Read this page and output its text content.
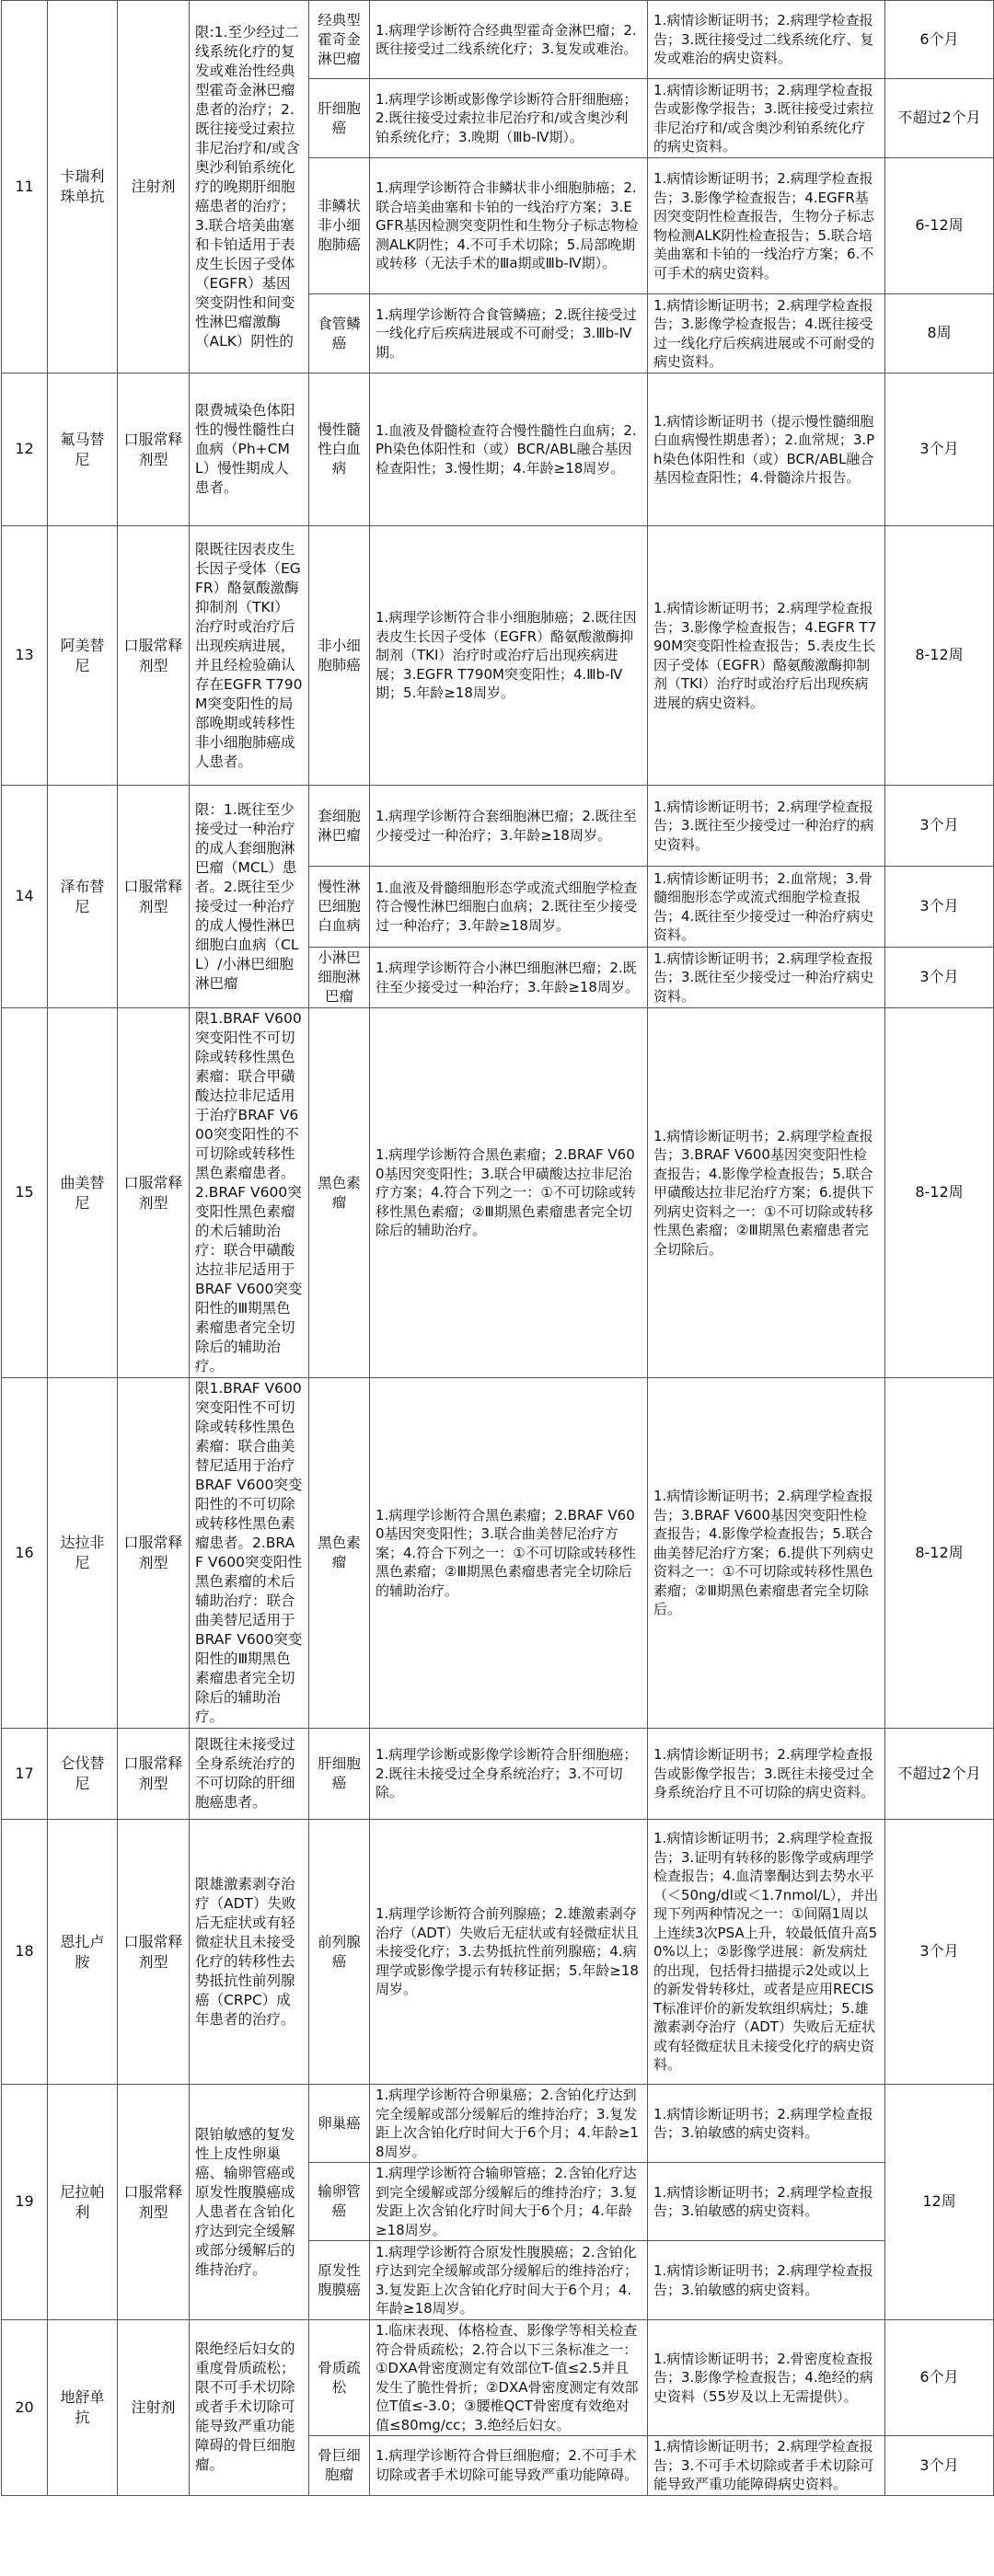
11	卡瑞利珠单抗	注射剂	限:1.至少经过二线系统化疗的复发或难治性经典型霍奇金淋巴瘤患者的治疗；2.既往接受过索拉非尼治疗和/或含奥沙利铂系统化疗的晚期肝细胞癌患者的治疗；3.联合培美曲塞和卡铂适用于表皮生长因子受体（EGFR）基因突变阴性和间变性淋巴瘤激酶（ALK）阴性的	经典型霍奇金淋巴瘤	1.病理学诊断符合经典型霍奇金淋巴瘤；2.既往接受过二线系统化疗；3.复发或难治。	1.病情诊断证明书；2.病理学检查报告；3.既往接受过二线系统化疗、复发或难治的病史资料。	6个月
				肝细胞癌	1.病理学诊断或影像学诊断符合肝细胞癌；2.既往接受过索拉非尼治疗和/或含奥沙利铂系统化疗；3.晚期（Ⅲb-Ⅳ期）。	1.病情诊断证明书；2.病理学检查报告或影像学报告；3.既往接受过索拉非尼治疗和/或含奥沙利铂系统化疗的病史资料。	不超过2个月
				非鳞状非小细胞肺癌	1.病理学诊断符合非鳞状非小细胞肺癌；2.联合培美曲塞和卡铂的一线治疗方案；3.EGFR基因检测突变阴性和生物分子标志物检测ALK阴性；4.不可手术切除；5.局部晚期或转移（无法手术的Ⅲa期或Ⅲb-Ⅳ期）。	1.病情诊断证明书；2.病理学检查报告；3.影像学检查报告；4.EGFR基因突变阴性检查报告，生物分子标志物检测ALK阴性检查报告；5.联合培美曲塞和卡铂的一线治疗方案；6.不可手术的病史资料。	6-12周
				食管鳞癌	1.病理学诊断符合食管鳞癌；2.既往接受过一线化疗后疾病进展或不可耐受；3.Ⅲb-Ⅳ期。	1.病情诊断证明书；2.病理学检查报告；3.影像学检查报告；4.既往接受过一线化疗后疾病进展或不可耐受的病史资料。	8周
12	氟马替尼	口服常释剂型	限费城染色体阳性的慢性髓性白血病（Ph+CML）慢性期成人患者。	慢性髓性白血病	1.血液及骨髓检查符合慢性髓性白血病；2.Ph染色体阳性和（或）BCR/ABL融合基因检查阳性；3.慢性期；4.年龄≥18周岁。	1.病情诊断证明书（提示慢性髓细胞白血病慢性期患者）；2.血常规；3.Ph染色体阳性和（或）BCR/ABL融合基因检查阳性；4.骨髓涂片报告。	3个月
13	阿美替尼	口服常释剂型	限既往因表皮生长因子受体（EGFR）酪氨酸激酶抑制剂（TKI）治疗时或治疗后出现疾病进展，并且经检验确认存在EGFR T790M突变阳性的局部晚期或转移性非小细胞肺癌成人患者。	非小细胞肺癌	1.病理学诊断符合非小细胞肺癌；2.既往因表皮生长因子受体（EGFR）酪氨酸激酶抑制剂（TKI）治疗时或治疗后出现疾病进展；3.EGFR T790M突变阳性；4.Ⅲb-Ⅳ期；5.年龄≥18周岁。	1.病情诊断证明书；2.病理学检查报告；3.影像学检查报告；4.EGFR T790M突变阳性检查报告；5.表皮生长因子受体（EGFR）酪氨酸激酶抑制剂（TKI）治疗时或治疗后出现疾病进展的病史资料。	8-12周
14	泽布替尼	口服常释剂型	限：1.既往至少接受过一种治疗的成人套细胞淋巴瘤（MCL）患者。2.既往至少接受过一种治疗的成人慢性淋巴细胞白血病（CLL）/小淋巴细胞淋巴瘤	套细胞淋巴瘤	1.病理学诊断符合套细胞淋巴瘤；2.既往至少接受过一种治疗；3.年龄≥18周岁。	1.病情诊断证明书；2.病理学检查报告；3.既往至少接受过一种治疗的病史资料。	3个月
				慢性淋巴细胞白血病	1.血液及骨髓细胞形态学或流式细胞学检查符合慢性淋巴细胞白血病；2.既往至少接受过一种治疗；3.年龄≥18周岁。	1.病情诊断证明书；2.血常规；3.骨髓细胞形态学或流式细胞学检查报告；4.既往至少接受过一种治疗病史资料。	3个月
				小淋巴细胞淋巴瘤	1.病理学诊断符合小淋巴细胞淋巴瘤；2.既往至少接受过一种治疗；3.年龄≥18周岁。	1.病情诊断证明书；2.病理学检查报告；3.既往至少接受过一种治疗病史资料。	3个月
15	曲美替尼	口服常释剂型	限1.BRAF V600突变阳性不可切除或转移性黑色素瘤：联合甲磺酸达拉非尼适用于治疗BRAF V600突变阳性的不可切除或转移性黑色素瘤患者。2.BRAF V600突变阳性黑色素瘤的术后辅助治疗：联合甲磺酸达拉非尼适用于BRAF V600突变阳性的Ⅲ期黑色素瘤患者完全切除后的辅助治疗。	黑色素瘤	1.病理学诊断符合黑色素瘤；2.BRAF V600基因突变阳性；3.联合甲磺酸达拉非尼治疗方案；4.符合下列之一：①不可切除或转移性黑色素瘤；②Ⅲ期黑色素瘤患者完全切除后的辅助治疗。	1.病情诊断证明书；2.病理学检查报告；3.BRAF V600基因突变阳性检查报告；4.影像学检查报告；5.联合甲磺酸达拉非尼治疗方案；6.提供下列病史资料之一：①不可切除或转移性黑色素瘤；②Ⅲ期黑色素瘤患者完全切除后。	8-12周
16	达拉非尼	口服常释剂型	限1.BRAF V600突变阳性不可切除或转移性黑色素瘤：联合曲美替尼适用于治疗BRAF V600突变阳性的不可切除或转移性黑色素瘤患者。2.BRAF V600突变阳性黑色素瘤的术后辅助治疗：联合曲美替尼适用于BRAF V600突变阳性的Ⅲ期黑色素瘤患者完全切除后的辅助治疗。	黑色素瘤	1.病理学诊断符合黑色素瘤；2.BRAF V600基因突变阳性；3.联合曲美替尼治疗方案；4.符合下列之一：①不可切除或转移性黑色素瘤；②Ⅲ期黑色素瘤患者完全切除后的辅助治疗。	1.病情诊断证明书；2.病理学检查报告；3.BRAF V600基因突变阳性检查报告；4.影像学检查报告；5.联合曲美替尼治疗方案；6.提供下列病史资料之一：①不可切除或转移性黑色素瘤；②Ⅲ期黑色素瘤患者完全切除后。	8-12周
17	仑伐替尼	口服常释剂型	限既往未接受过全身系统治疗的不可切除的肝细胞癌患者。	肝细胞癌	1.病理学诊断或影像学诊断符合肝细胞癌；2.既往未接受过全身系统治疗；3.不可切除。	1.病情诊断证明书；2.病理学检查报告或影像学报告；3.既往未接受过全身系统治疗且不可切除的病史资料。	不超过2个月
18	恩扎卢胺	口服常释剂型	限雄激素剥夺治疗（ADT）失败后无症状或有轻微症状且未接受化疗的转移性去势抵抗性前列腺癌（CRPC）成年患者的治疗。	前列腺癌	1.病理学诊断符合前列腺癌；2.雄激素剥夺治疗（ADT）失败后无症状或有轻微症状且未接受化疗；3.去势抵抗性前列腺癌；4.病理学或影像学提示有转移证据；5.年龄≥18周岁。	1.病情诊断证明书；2.病理学检查报告；3.证明有转移的影像学或病理学检查报告；4.血清睾酮达到去势水平（＜50ng/dl或＜1.7nmol/L），并出现下列两种情况之一：①间隔1周以上连续3次PSA上升，较最低值升高50%以上；②影像学进展：新发病灶的出现，包括骨扫描提示2处或以上的新发骨转移灶，或者是应用RECIST标准评价的新发软组织病灶；5.雄激素剥夺治疗（ADT）失败后无症状或有轻微症状且未接受化疗的病史资料。	3个月
19	尼拉帕利	口服常释剂型	限铂敏感的复发性上皮性卵巢癌、输卵管癌或原发性腹膜癌成人患者在含铂化疗达到完全缓解或部分缓解后的维持治疗。	卵巢癌	1.病理学诊断符合卵巢癌；2.含铂化疗达到完全缓解或部分缓解后的维持治疗；3.复发距上次含铂化疗时间大于6个月；4.年龄≥18周岁。	1.病情诊断证明书；2.病理学检查报告；3.铂敏感的病史资料。	12周
				输卵管癌	1.病理学诊断符合输卵管癌；2.含铂化疗达到完全缓解或部分缓解后的维持治疗；3.复发距上次含铂化疗时间大于6个月；4.年龄≥18周岁。	1.病情诊断证明书；2.病理学检查报告；3.铂敏感的病史资料。	
				原发性腹膜癌	1.病理学诊断符合原发性腹膜癌；2.含铂化疗达到完全缓解或部分缓解后的维持治疗；3.复发距上次含铂化疗时间大于6个月；4.年龄≥18周岁。	1.病情诊断证明书；2.病理学检查报告；3.铂敏感的病史资料。	
20	地舒单抗	注射剂	限绝经后妇女的重度骨质疏松；限不可手术切除或者手术切除可能导致严重功能障碍的骨巨细胞瘤。	骨质疏松	1.临床表现、体格检查、影像学等相关检查符合骨质疏松；2.符合以下三条标准之一：①DXA骨密度测定有效部位T-值≤2.5并且发生了脆性骨折；②DXA骨密度测定有效部位T值≤-3.0；③腰椎QCT骨密度有效绝对值≤80mg/cc；3.绝经后妇女。	1.病情诊断证明书；2.骨密度检查报告；3.影像学检查报告；4.绝经的病史资料（55岁及以上无需提供）。	6个月
				骨巨细胞瘤	1.病理学诊断符合骨巨细胞瘤；2.不可手术切除或者手术切除可能导致严重功能障碍。	1.病情诊断证明书；2.病理学检查报告；3.不可手术切除或者手术切除可能导致严重功能障碍病史资料。	3个月
